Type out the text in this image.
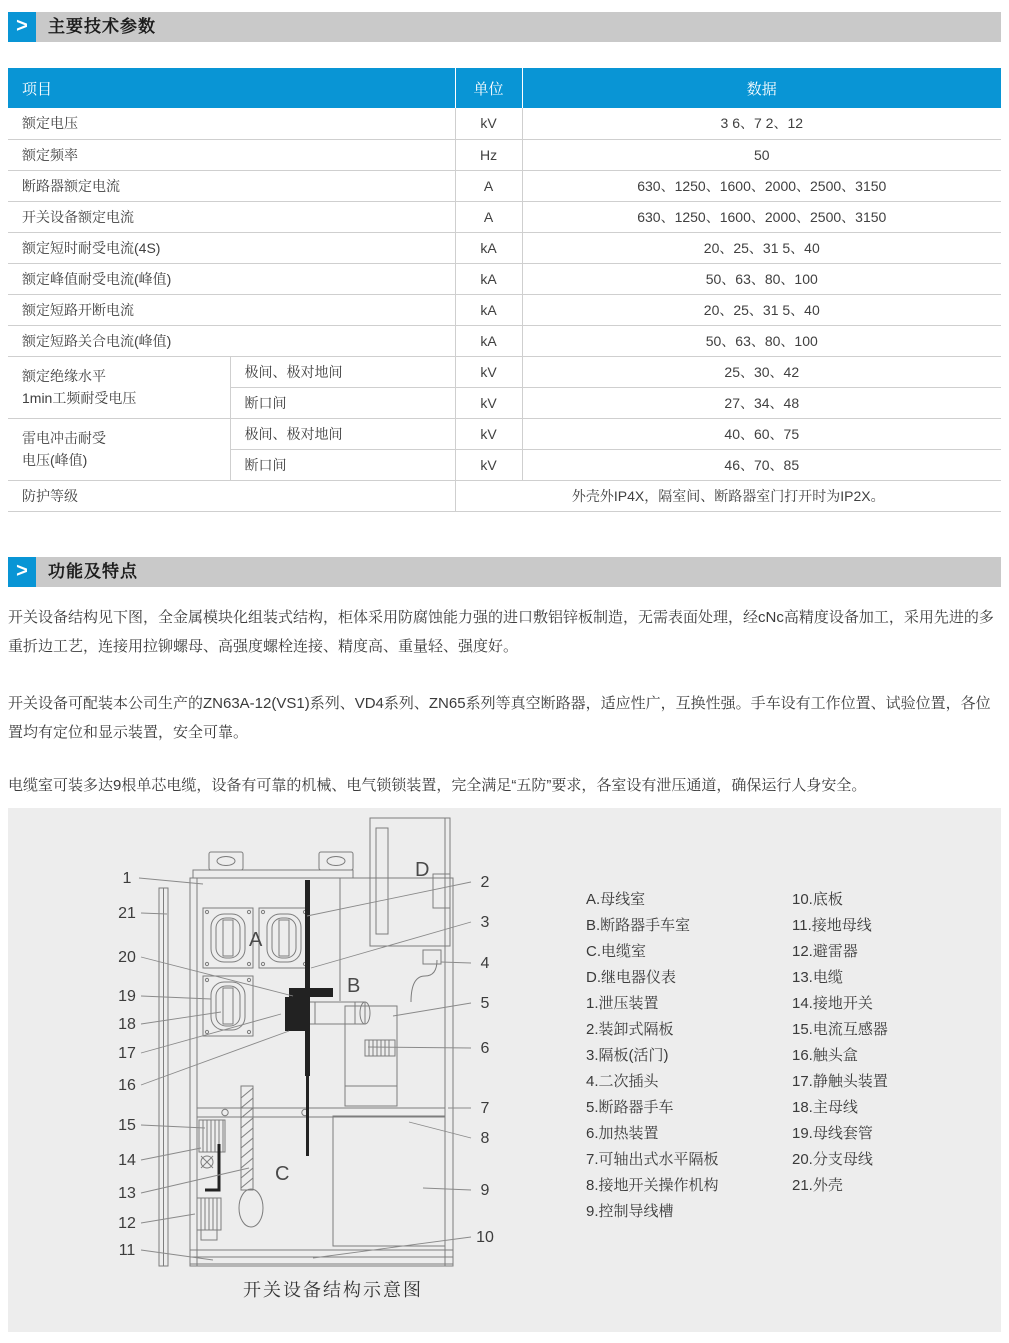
>	主要技术参数
项目		单位	数据
额定电压		kV	3 6、7 2、12
额定频率		Hz	50
断路器额定电流		A	630、1250、1600、2000、2500、3150
开关设备额定电流		A	630、1250、1600、2000、2500、3150
额定短时耐受电流(4S)		kA	20、25、31 5、40
额定峰值耐受电流(峰值)		kA	50、63、80、100
额定短路开断电流		kA	20、25、31 5、40
额定短路关合电流(峰值)		kA	50、63、80、100

额定绝缘水平
1min工频耐受电压	极间、极对地间	kV	25、30、42
	断口间	kV	27、34、48

雷电冲击耐受
电压(峰值)	极间、极对地间	kV	40、60、75
	断口间	kV	46、70、85
防护等级		外壳外IP4X，隔室间、断路器室门打开时为IP2X。	
>	功能及特点

开关设备结构见下图，全金属模块化组装式结构，柜体采用防腐蚀能力强的进口敷铝锌板制造，无需表面处理，经cNc高精度设备加工，采用先进的多重折边工艺，连接用拉铆螺母、高强度螺栓连接、精度高、重量轻、强度好。

开关设备可配装本公司生产的ZN63A-12(VS1)系列、VD4系列、ZN65系列等真空断路器，适应性广，互换性强。手车设有工作位置、试验位置，各位置均有定位和显示装置，安全可靠。

电缆室可装多达9根单芯电缆，设备有可靠的机械、电气锁锁装置，完全满足“五防”要求，各室设有泄压通道，确保运行人身安全。

1
21
20
19
18
17
16
15
14
13
12
11
2
3
4
5
6
7
8
9
10
A
B
C
D
A.母线室
B.断路器手车室
C.电缆室
D.继电器仪表
1.泄压装置
2.装卸式隔板
3.隔板(活门)
4.二次插头
5.断路器手车
6.加热装置
7.可轴出式水平隔板
8.接地开关操作机构
9.控制导线槽
10.底板
11.接地母线
12.避雷器
13.电缆
14.接地开关
15.电流互感器
16.触头盒
17.静触头装置
18.主母线
19.母线套管
20.分支母线
21.外壳
开关设备结构示意图
